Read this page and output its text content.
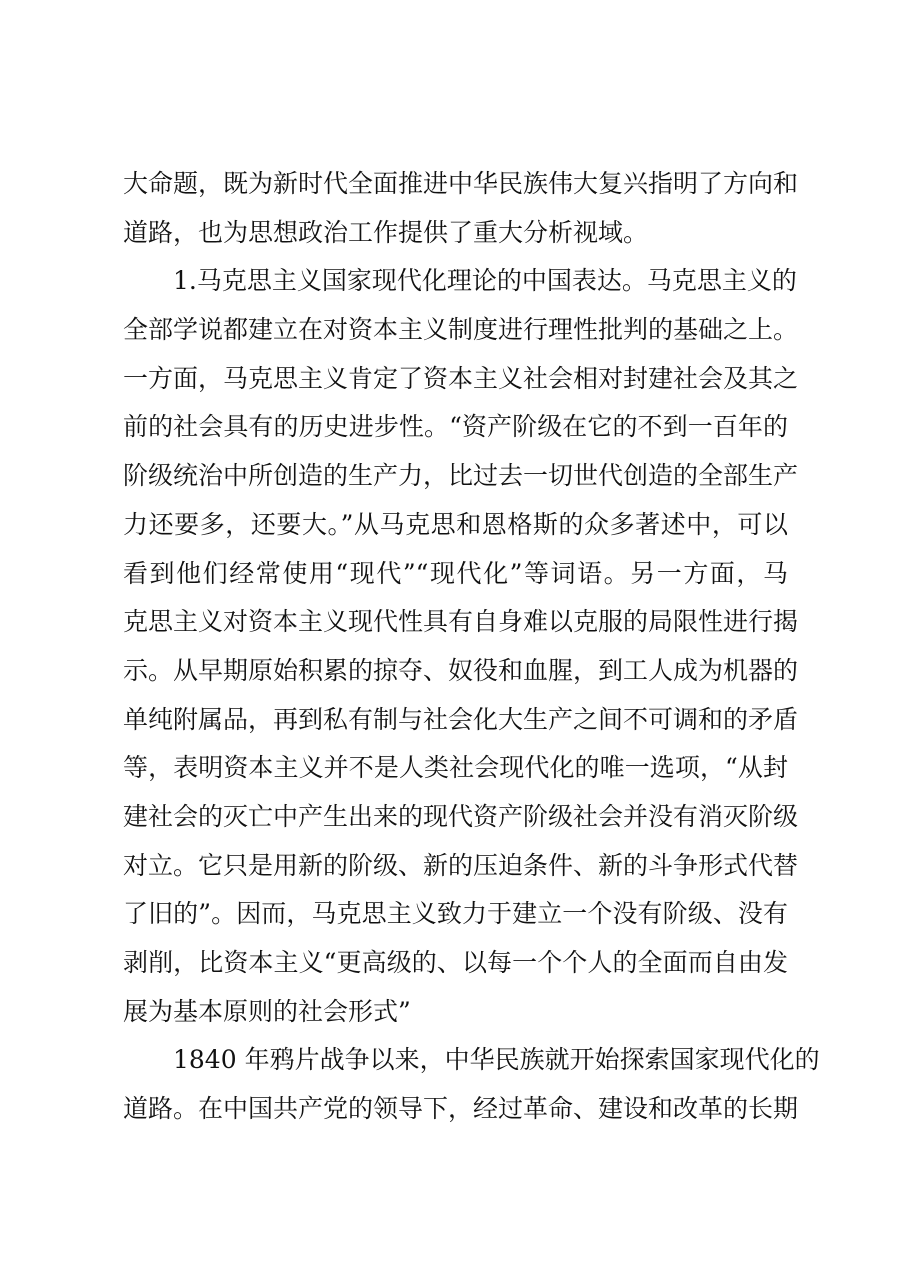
大命题，既为新时代全面推进中华民族伟大复兴指明了方向和
道路，也为思想政治工作提供了重大分析视域。
1.马克思主义国家现代化理论的中国表达。马克思主义的
全部学说都建立在对资本主义制度进行理性批判的基础之上。
一方面，马克思主义肯定了资本主义社会相对封建社会及其之
前的社会具有的历史进步性。“资产阶级在它的不到一百年的
阶级统治中所创造的生产力，比过去一切世代创造的全部生产
力还要多，还要大。”从马克思和恩格斯的众多著述中，可以
看到他们经常使用“现代”“现代化”等词语。另一方面，马
克思主义对资本主义现代性具有自身难以克服的局限性进行揭
示。从早期原始积累的掠夺、奴役和血腥，到工人成为机器的
单纯附属品，再到私有制与社会化大生产之间不可调和的矛盾
等，表明资本主义并不是人类社会现代化的唯一选项，“从封
建社会的灭亡中产生出来的现代资产阶级社会并没有消灭阶级
对立。它只是用新的阶级、新的压迫条件、新的斗争形式代替
了旧的”。因而，马克思主义致力于建立一个没有阶级、没有
剥削，比资本主义“更高级的、以每一个个人的全面而自由发
展为基本原则的社会形式”
1840 年鸦片战争以来，中华民族就开始探索国家现代化的
道路。在中国共产党的领导下，经过革命、建设和改革的长期
